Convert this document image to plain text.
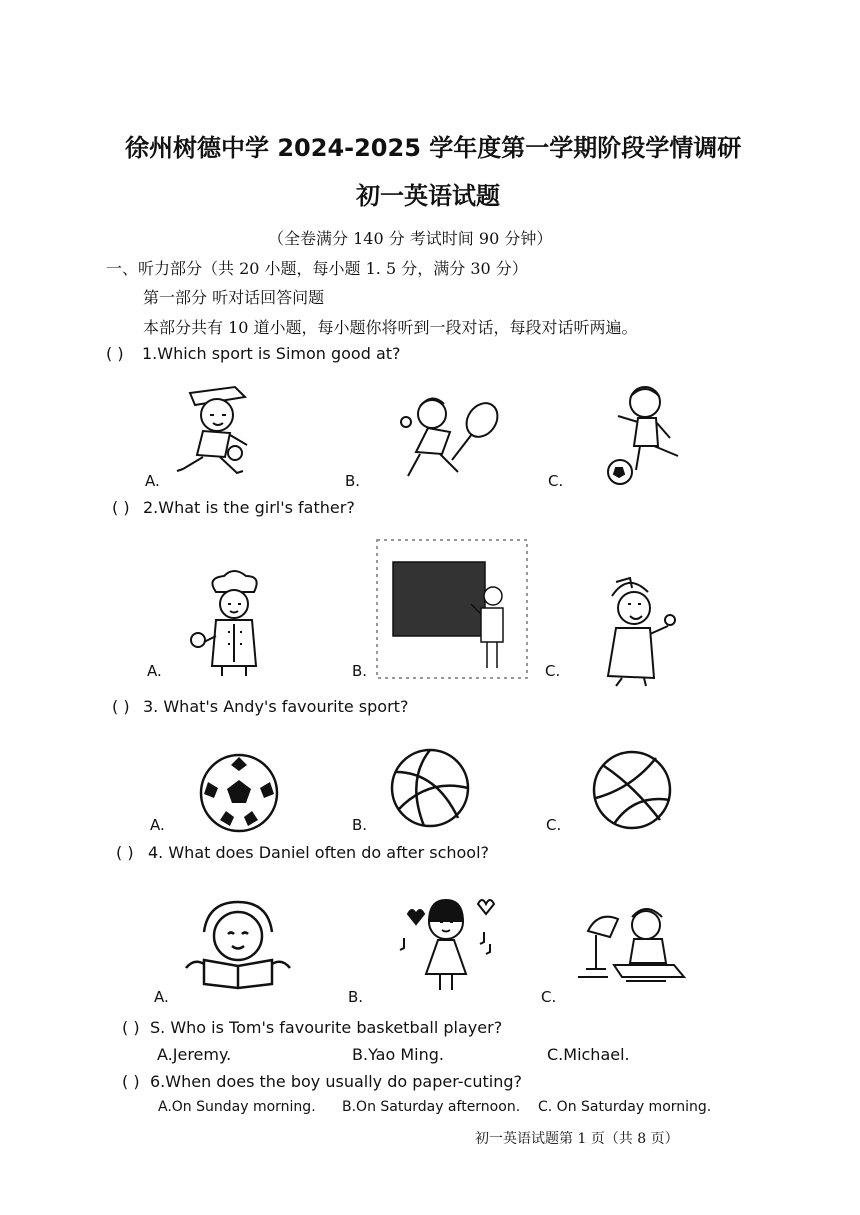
徐州树德中学 2024-2025 学年度第一学期阶段学情调研
初一英语试题
（全卷满分 140 分 考试时间 90 分钟）
一、听力部分（共 20 小题，每小题 1. 5 分，满分 30 分）
第一部分 听对话回答问题
本部分共有 10 道小题，每小题你将听到一段对话，每段对话听两遍。
( ) 1.Which sport is Simon good at?
A.	B.	C.
( ) 2.What is the girl's father?
A.	B.	C.
( ) 3. What's Andy's favourite sport?
A.	B.	C.
( ) 4. What does Daniel often do after school?
A.	B.	C.
( ) S. Who is Tom's favourite basketball player?
A.Jeremy.	B.Yao Ming.	C.Michael.
( ) 6.When does the boy usually do paper-cuting?
A.On Sunday morning. B.On Saturday afternoon. C. On Saturday morning.
初一英语试题第 1 页（共 8 页）
